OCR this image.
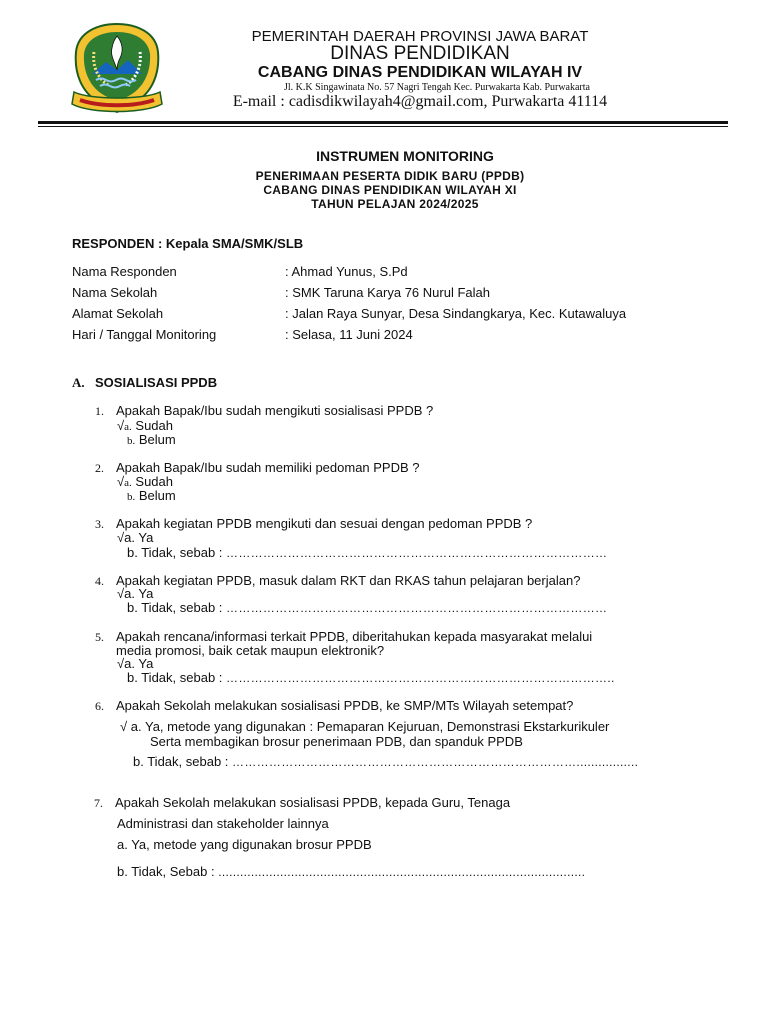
PEMERINTAH DAERAH PROVINSI JAWA BARAT
DINAS PENDIDIKAN
CABANG DINAS PENDIDIKAN WILAYAH IV
Jl. K.K Singawinata No. 57 Nagri Tengah Kec. Purwakarta Kab. Purwakarta
E-mail : cadisdikwilayah4@gmail.com, Purwakarta 41114
INSTRUMEN MONITORING
PENERIMAAN PESERTA DIDIK BARU (PPDB)
CABANG DINAS PENDIDIKAN WILAYAH XI
TAHUN PELAJAN 2024/2025
RESPONDEN : Kepala SMA/SMK/SLB
Nama Responden	: Ahmad Yunus, S.Pd
Nama Sekolah	: SMK Taruna Karya 76 Nurul Falah
Alamat Sekolah	: Jalan Raya Sunyar, Desa Sindangkarya, Kec. Kutawaluya
Hari / Tanggal Monitoring	: Selasa, 11 Juni 2024
A. SOSIALISASI PPDB
1. Apakah Bapak/Ibu sudah mengikuti sosialisasi PPDB ?
√a. Sudah
b. Belum
2. Apakah Bapak/Ibu sudah memiliki pedoman PPDB ?
√a. Sudah
b. Belum
3. Apakah kegiatan PPDB mengikuti dan sesuai dengan pedoman PPDB ?
√a. Ya
b. Tidak, sebab : …………………………………………………………………………………
4. Apakah kegiatan PPDB, masuk dalam RKT dan RKAS tahun pelajaran berjalan?
√a. Ya
b. Tidak, sebab : …………………………………………………………………………………
5. Apakah rencana/informasi terkait PPDB, diberitahukan kepada masyarakat melalui
media promosi, baik cetak maupun elektronik?
√a. Ya
b. Tidak, sebab : …………………………………………………………………………………..
6. Apakah Sekolah melakukan sosialisasi PPDB, ke SMP/MTs Wilayah setempat?
√ a. Ya, metode yang digunakan : Pemaparan Kejuruan, Demonstrasi Ekstarkurikuler
Serta membagikan brosur penerimaan PDB, dan spanduk PPDB
b. Tidak, sebab : ………………………………………………………………………….................
7. Apakah Sekolah melakukan sosialisasi PPDB, kepada Guru, Tenaga
Administrasi dan stakeholder lainnya
a. Ya, metode yang digunakan brosur PPDB
b. Tidak, Sebab : .....................................................................................................
